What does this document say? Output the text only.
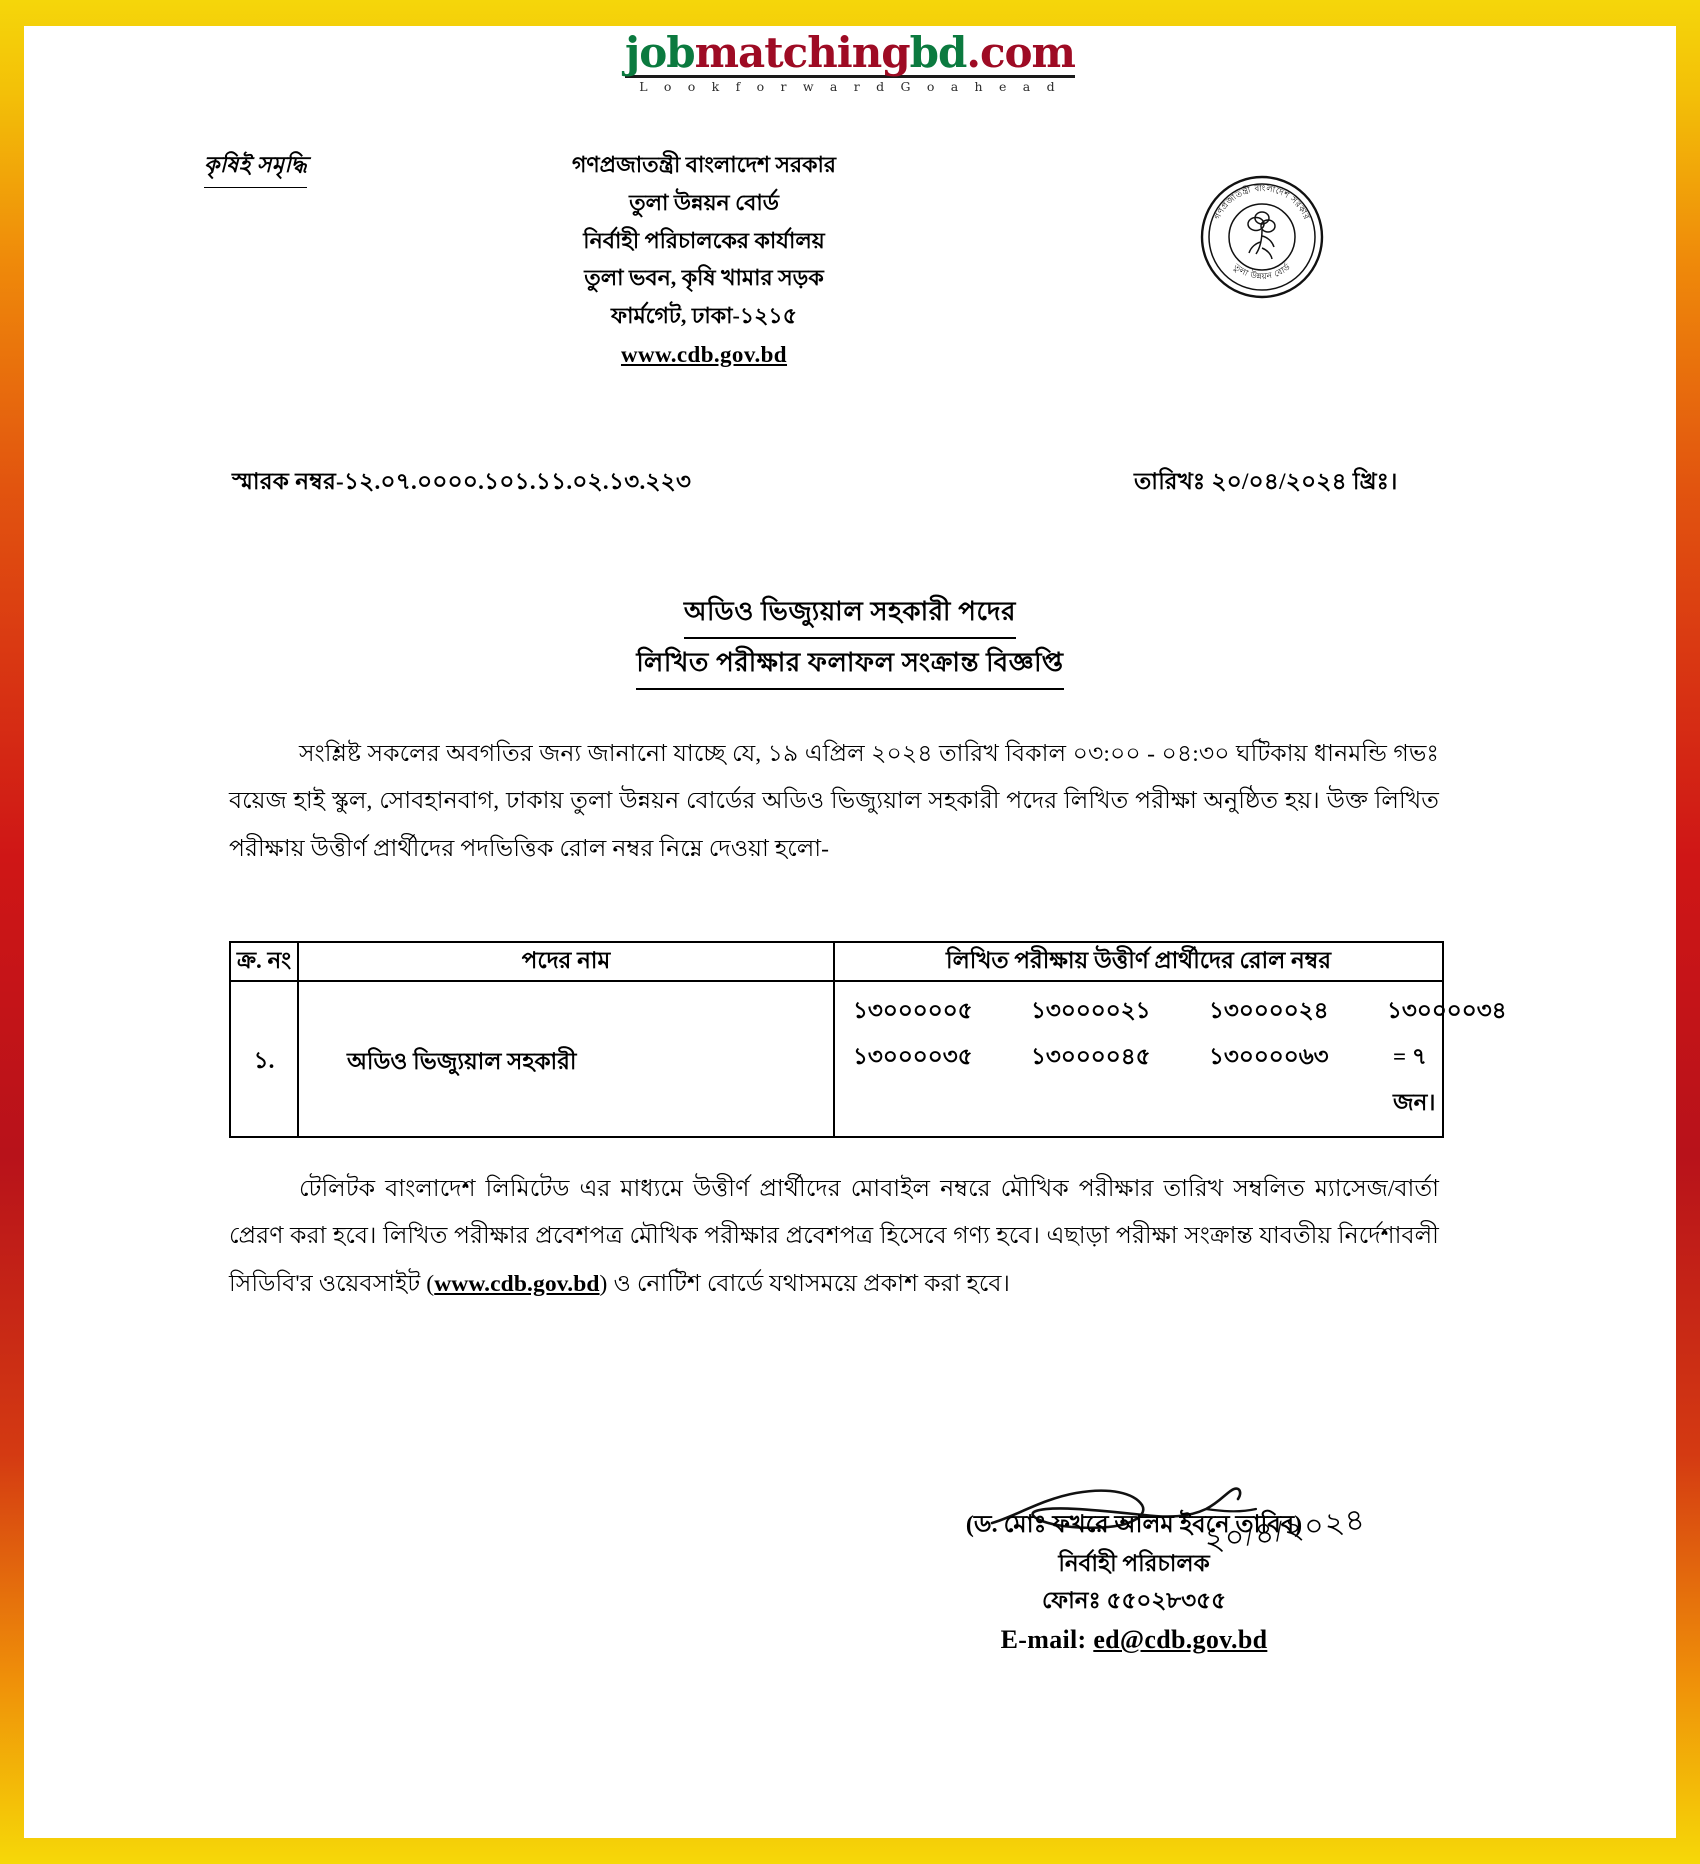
jobmatchingbd.com
L o o k f o r w a r d G o a h e a d
কৃষিই সমৃদ্ধি	গণপ্রজাতন্ত্রী বাংলাদেশ সরকার
তুলা উন্নয়ন বোর্ড
নির্বাহী পরিচালকের কার্যালয়
তুলা ভবন, কৃষি খামার সড়ক
ফার্মগেট, ঢাকা-১২১৫
www.cdb.gov.bd
গণপ্রজাতন্ত্রী বাংলাদেশ সরকার
তুলা উন্নয়ন বোর্ড
স্মারক নম্বর-১২.০৭.০০০০.১০১.১১.০২.১৩.২২৩	তারিখঃ ২০/০৪/২০২৪ খ্রিঃ।
অডিও ভিজ্যুয়াল সহকারী পদের
লিখিত পরীক্ষার ফলাফল সংক্রান্ত বিজ্ঞপ্তি
সংশ্লিষ্ট সকলের অবগতির জন্য জানানো যাচ্ছে যে, ১৯ এপ্রিল ২০২৪ তারিখ বিকাল ০৩:০০ - ০৪:৩০ ঘটিকায় ধানমন্ডি গভঃ বয়েজ হাই স্কুল, সোবহানবাগ, ঢাকায় তুলা উন্নয়ন বোর্ডের অডিও ভিজ্যুয়াল সহকারী পদের লিখিত পরীক্ষা অনুষ্ঠিত হয়। উক্ত লিখিত পরীক্ষায় উত্তীর্ণ প্রার্থীদের পদভিত্তিক রোল নম্বর নিম্নে দেওয়া হলো-
ক্র. নং	পদের নাম	লিখিত পরীক্ষায় উত্তীর্ণ প্রার্থীদের রোল নম্বর
১.	অডিও ভিজ্যুয়াল সহকারী	
১৩০০০০০৫	১৩০০০০২১	১৩০০০০২৪	১৩০০০০৩৪
১৩০০০০৩৫	১৩০০০০৪৫	১৩০০০০৬৩	= ৭ জন।
টেলিটক বাংলাদেশ লিমিটেড এর মাধ্যমে উত্তীর্ণ প্রার্থীদের মোবাইল নম্বরে মৌখিক পরীক্ষার তারিখ সম্বলিত ম্যাসেজ/বার্তা প্রেরণ করা হবে। লিখিত পরীক্ষার প্রবেশপত্র মৌখিক পরীক্ষার প্রবেশপত্র হিসেবে গণ্য হবে। এছাড়া পরীক্ষা সংক্রান্ত যাবতীয় নির্দেশাবলী সিডিবি'র ওয়েবসাইট (www.cdb.gov.bd) ও নোটিশ বোর্ডে যথাসময়ে প্রকাশ করা হবে।
২০/৪/২০২৪
(ড. মোঃ ফখরে আলম ইবনে তাবিব)
নির্বাহী পরিচালক
ফোনঃ ৫৫০২৮৩৫৫
E-mail: ed@cdb.gov.bd
